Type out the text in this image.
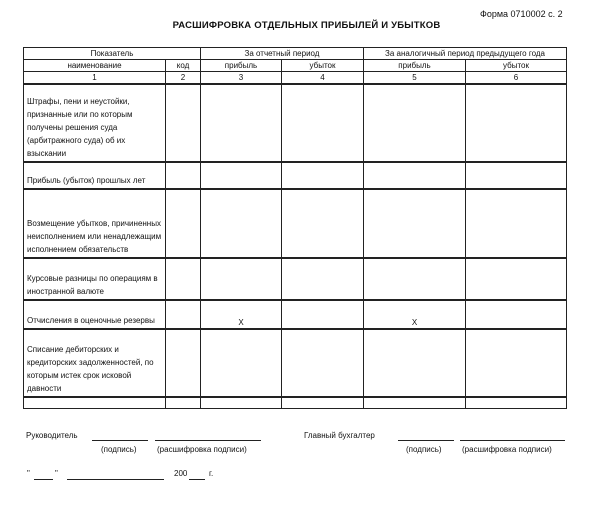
Форма 0710002 с. 2
РАСШИФРОВКА ОТДЕЛЬНЫХ ПРИБЫЛЕЙ И УБЫТКОВ
Показатель		За отчетный период		За аналогичный период предыдущего года	
наименование	код	прибыль	убыток	прибыль	убыток
1	2	3	4	5	6
Штрафы, пени и неустойки, признанные или по которым получены решения суда (арбитражного суда) об их взыскании					
Прибыль (убыток) прошлых лет					
Возмещение убытков, причиненных неисполнением или ненадлежащим исполнением обязательств					
Курсовые разницы по операциям в иностранной валюте					
Отчисления в оценочные резервы		Х		Х	
Списание дебиторских и кредиторских задолженностей, по которым истек срок исковой давности					

Руководитель
(подпись)	(расшифровка подписи)
Главный бухгалтер
(подпись)	(расшифровка подписи)
"	"	200	г.
